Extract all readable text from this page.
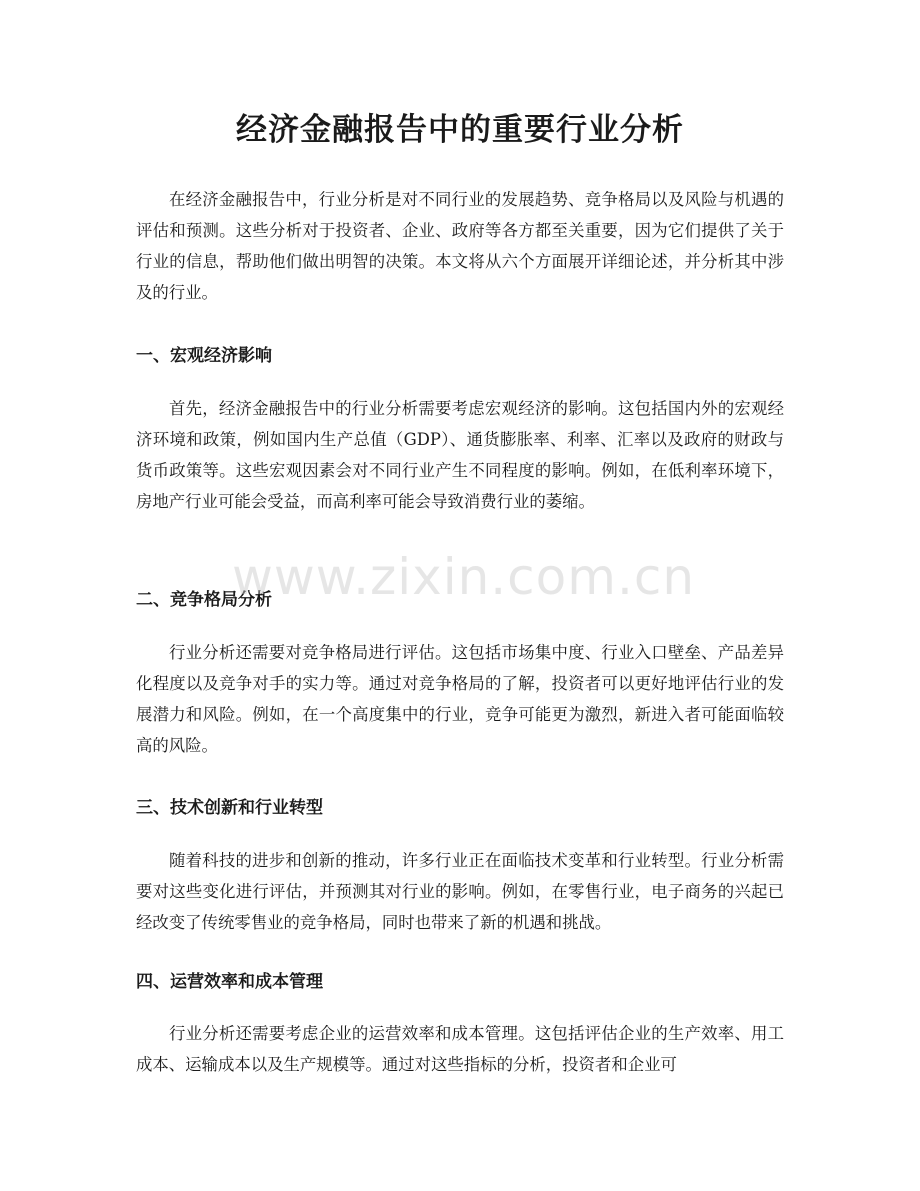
经济金融报告中的重要行业分析

在经济金融报告中，行业分析是对不同行业的发展趋势、竞争格局以及风险与机遇的评估和预测。这些分析对于投资者、企业、政府等各方都至关重要，因为它们提供了关于行业的信息，帮助他们做出明智的决策。本文将从六个方面展开详细论述，并分析其中涉及的行业。

一、宏观经济影响

首先，经济金融报告中的行业分析需要考虑宏观经济的影响。这包括国内外的宏观经济环境和政策，例如国内生产总值（GDP）、通货膨胀率、利率、汇率以及政府的财政与货币政策等。这些宏观因素会对不同行业产生不同程度的影响。例如，在低利率环境下，房地产行业可能会受益，而高利率可能会导致消费行业的萎缩。

二、竞争格局分析

行业分析还需要对竞争格局进行评估。这包括市场集中度、行业入口壁垒、产品差异化程度以及竞争对手的实力等。通过对竞争格局的了解，投资者可以更好地评估行业的发展潜力和风险。例如，在一个高度集中的行业，竞争可能更为激烈，新进入者可能面临较高的风险。

三、技术创新和行业转型

随着科技的进步和创新的推动，许多行业正在面临技术变革和行业转型。行业分析需要对这些变化进行评估，并预测其对行业的影响。例如，在零售行业，电子商务的兴起已经改变了传统零售业的竞争格局，同时也带来了新的机遇和挑战。

四、运营效率和成本管理

行业分析还需要考虑企业的运营效率和成本管理。这包括评估企业的生产效率、用工成本、运输成本以及生产规模等。通过对这些指标的分析，投资者和企业可

www.zixin.com.cn
